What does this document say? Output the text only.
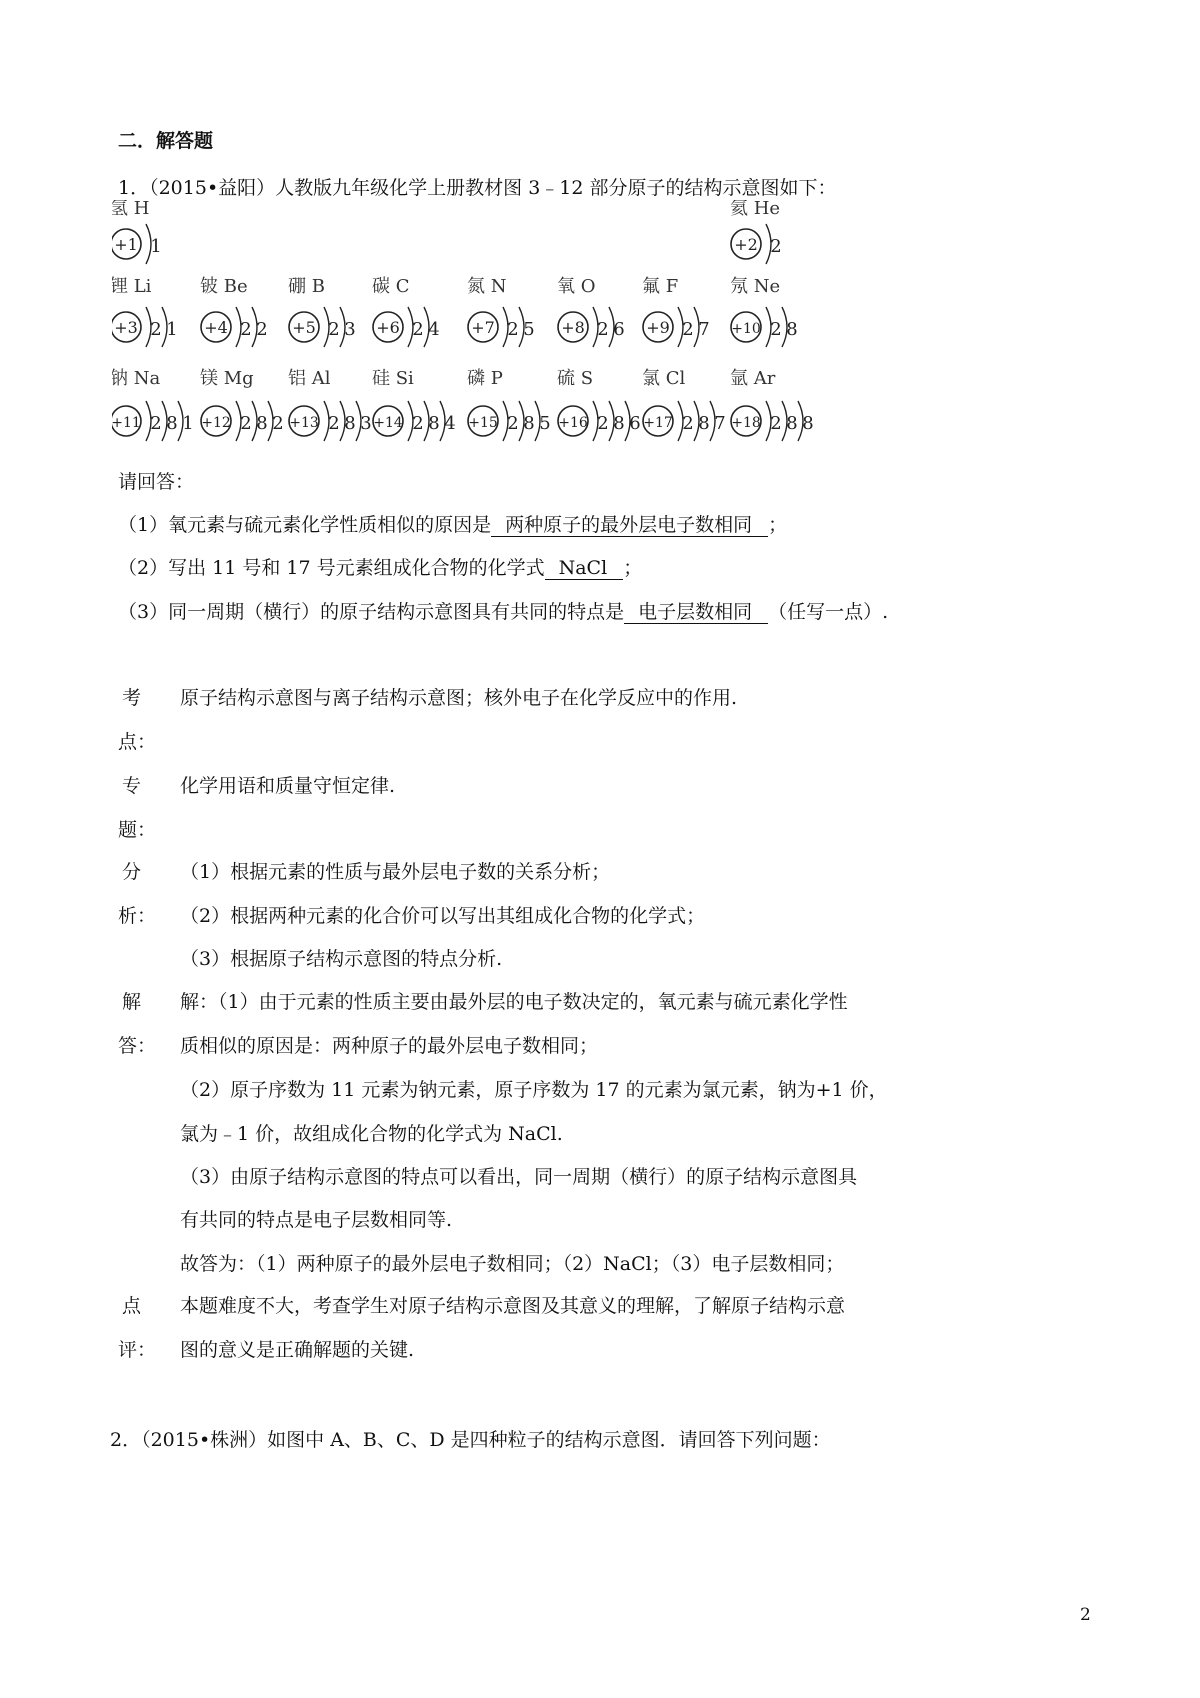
二．解答题
1．（2015•益阳）人教版九年级化学上册教材图 3﹣12 部分原子的结构示意图如下：
氢 H
+1 1
氦 He
+2 2
锂 Li
+3 2 1
铍 Be
+4 2 2
硼 B
+5 2 3
碳 C
+6 2 4
氮 N
+7 2 5
氧 O
+8 2 6
氟 F
+9 2 7
氖 Ne
+10 2 8
钠 Na
+11 2 8 1
镁 Mg
+12 2 8 2
铝 Al
+13 2 8 3
硅 Si
+14 2 8 4
磷 P
+15 2 8 5
硫 S
+16 2 8 6
氯 Cl
+17 2 8 7
氩 Ar
+18 2 8 8
请回答：
（1）氧元素与硫元素化学性质相似的原因是 两种原子的最外层电子数相同 ；
（2）写出 11 号和 17 号元素组成化合物的化学式 NaCl ；
（3）同一周期（横行）的原子结构示意图具有共同的特点是 电子层数相同 （任写一点）.
考
点：
原子结构示意图与离子结构示意图；核外电子在化学反应中的作用.
专
题：
化学用语和质量守恒定律.
分
析：
（1）根据元素的性质与最外层电子数的关系分析；
（2）根据两种元素的化合价可以写出其组成化合物的化学式；
（3）根据原子结构示意图的特点分析.
解
答：
解：（1）由于元素的性质主要由最外层的电子数决定的，氧元素与硫元素化学性
质相似的原因是：两种原子的最外层电子数相同；
（2）原子序数为 11 元素为钠元素，原子序数为 17 的元素为氯元素，钠为+1 价，
氯为﹣1 价，故组成化合物的化学式为 NaCl.
（3）由原子结构示意图的特点可以看出，同一周期（横行）的原子结构示意图具
有共同的特点是电子层数相同等.
故答为：（1）两种原子的最外层电子数相同；（2）NaCl；（3）电子层数相同；
点
评：
本题难度不大，考查学生对原子结构示意图及其意义的理解，了解原子结构示意
图的意义是正确解题的关键.
2．（2015•株洲）如图中 A、B、C、D 是四种粒子的结构示意图．请回答下列问题：
2
